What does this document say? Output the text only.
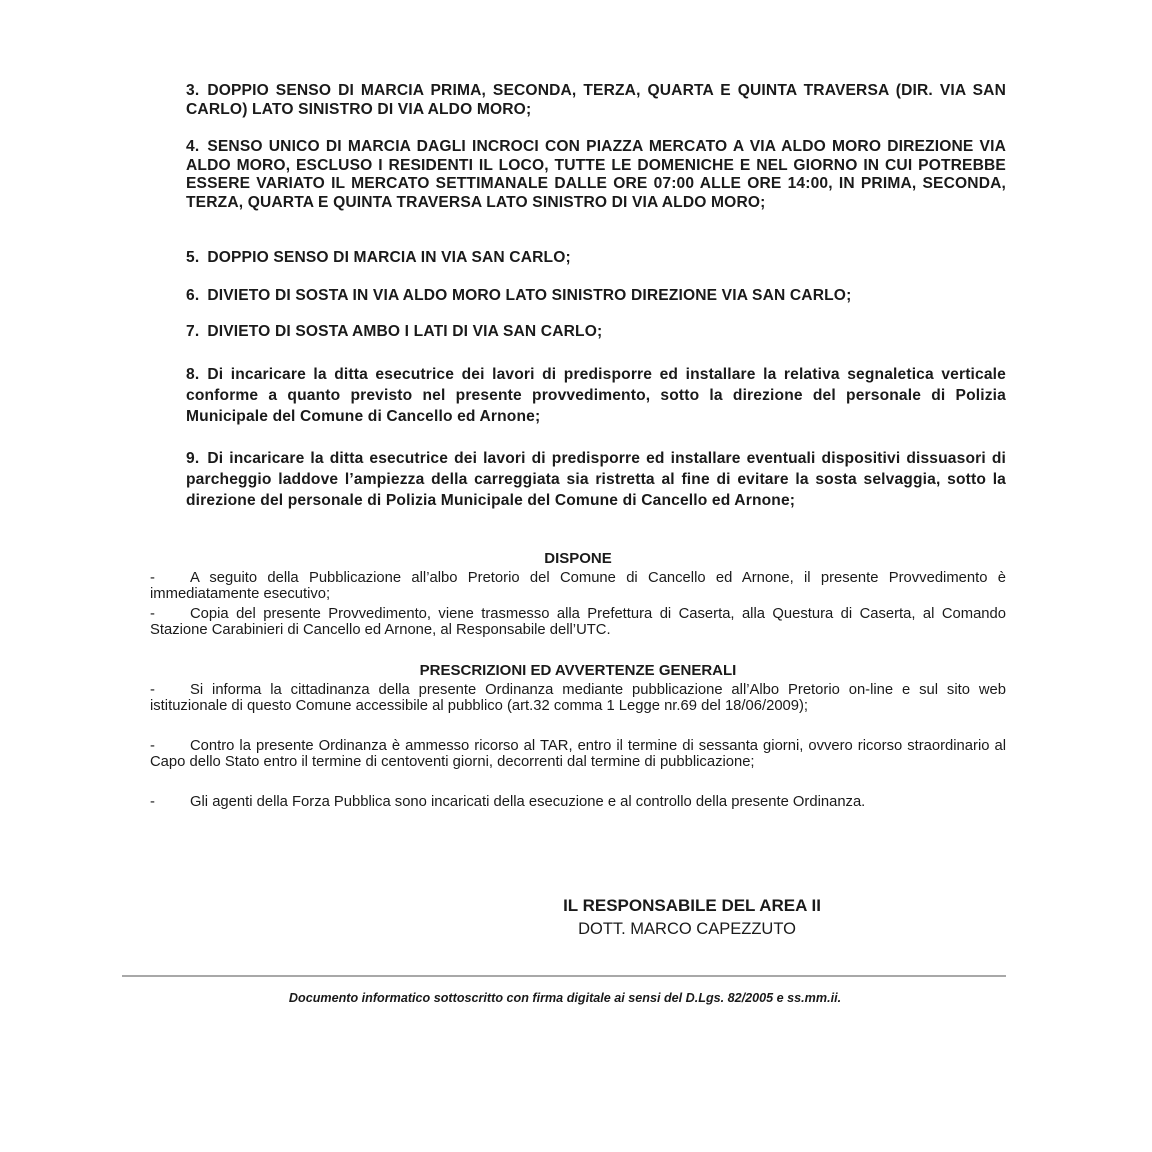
3. DOPPIO SENSO DI MARCIA PRIMA, SECONDA, TERZA, QUARTA E QUINTA TRAVERSA (DIR. VIA SAN CARLO) LATO SINISTRO DI VIA ALDO MORO;
4. SENSO UNICO DI MARCIA DAGLI INCROCI CON PIAZZA MERCATO A VIA ALDO MORO DIREZIONE VIA ALDO MORO, ESCLUSO I RESIDENTI IL LOCO, TUTTE LE DOMENICHE E NEL GIORNO IN CUI POTREBBE ESSERE VARIATO IL MERCATO SETTIMANALE DALLE ORE 07:00 ALLE ORE 14:00, IN PRIMA, SECONDA, TERZA, QUARTA E QUINTA TRAVERSA LATO SINISTRO DI VIA ALDO MORO;
5. DOPPIO SENSO DI MARCIA IN VIA SAN CARLO;
6. DIVIETO DI SOSTA IN VIA ALDO MORO LATO SINISTRO DIREZIONE VIA SAN CARLO;
7. DIVIETO DI SOSTA AMBO I LATI DI VIA SAN CARLO;
8. Di incaricare la ditta esecutrice dei lavori di predisporre ed installare la relativa segnaletica verticale conforme a quanto previsto nel presente provvedimento, sotto la direzione del personale di Polizia Municipale del Comune di Cancello ed Arnone;
9. Di incaricare la ditta esecutrice dei lavori di predisporre ed installare eventuali dispositivi dissuasori di parcheggio laddove l’ampiezza della carreggiata sia ristretta al fine di evitare la sosta selvaggia, sotto la direzione del personale di Polizia Municipale del Comune di Cancello ed Arnone;
DISPONE
- A seguito della Pubblicazione all’albo Pretorio del Comune di Cancello ed Arnone, il presente Provvedimento è immediatamente esecutivo;
- Copia del presente Provvedimento, viene trasmesso alla Prefettura di Caserta, alla Questura di Caserta, al Comando Stazione Carabinieri di Cancello ed Arnone, al Responsabile dell’UTC.
PRESCRIZIONI ED AVVERTENZE GENERALI
- Si informa la cittadinanza della presente Ordinanza mediante pubblicazione all’Albo Pretorio on-line e sul sito web istituzionale di questo Comune accessibile al pubblico (art.32 comma 1 Legge nr.69 del 18/06/2009);
- Contro la presente Ordinanza è ammesso ricorso al TAR, entro il termine di sessanta giorni, ovvero ricorso straordinario al Capo dello Stato entro il termine di centoventi giorni, decorrenti dal termine di pubblicazione;
- Gli agenti della Forza Pubblica sono incaricati della esecuzione e al controllo della presente Ordinanza.
IL RESPONSABILE DEL AREA II
DOTT. MARCO CAPEZZUTO
Documento informatico sottoscritto con firma digitale ai sensi del D.Lgs. 82/2005 e ss.mm.ii.
